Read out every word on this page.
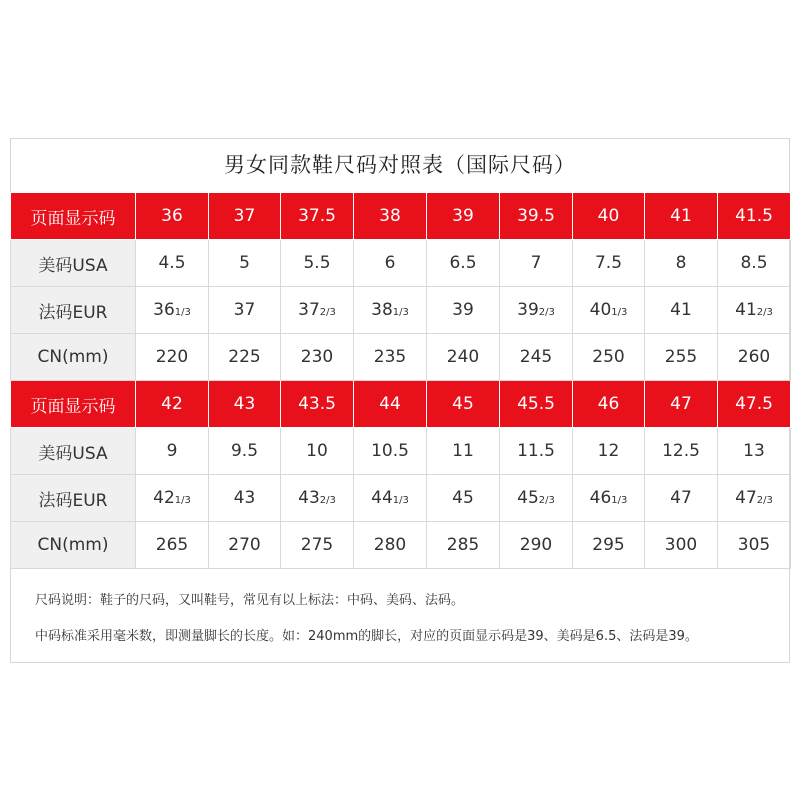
男女同款鞋尺码对照表（国际尺码）
页面显示码	36	37	37.5	38	39	39.5	40	41	41.5
美码USA	4.5	5	5.5	6	6.5	7	7.5	8	8.5
法码EUR	361/3	37	372/3	381/3	39	392/3	401/3	41	412/3
CN(mm)	220	225	230	235	240	245	250	255	260
页面显示码	42	43	43.5	44	45	45.5	46	47	47.5
美码USA	9	9.5	10	10.5	11	11.5	12	12.5	13
法码EUR	421/3	43	432/3	441/3	45	452/3	461/3	47	472/3
CN(mm)	265	270	275	280	285	290	295	300	305

尺码说明：鞋子的尺码，又叫鞋号，常见有以上标法：中码、美码、法码。

中码标准采用毫米数，即测量脚长的长度。如：240mm的脚长，对应的页面显示码是39、美码是6.5、法码是39。
